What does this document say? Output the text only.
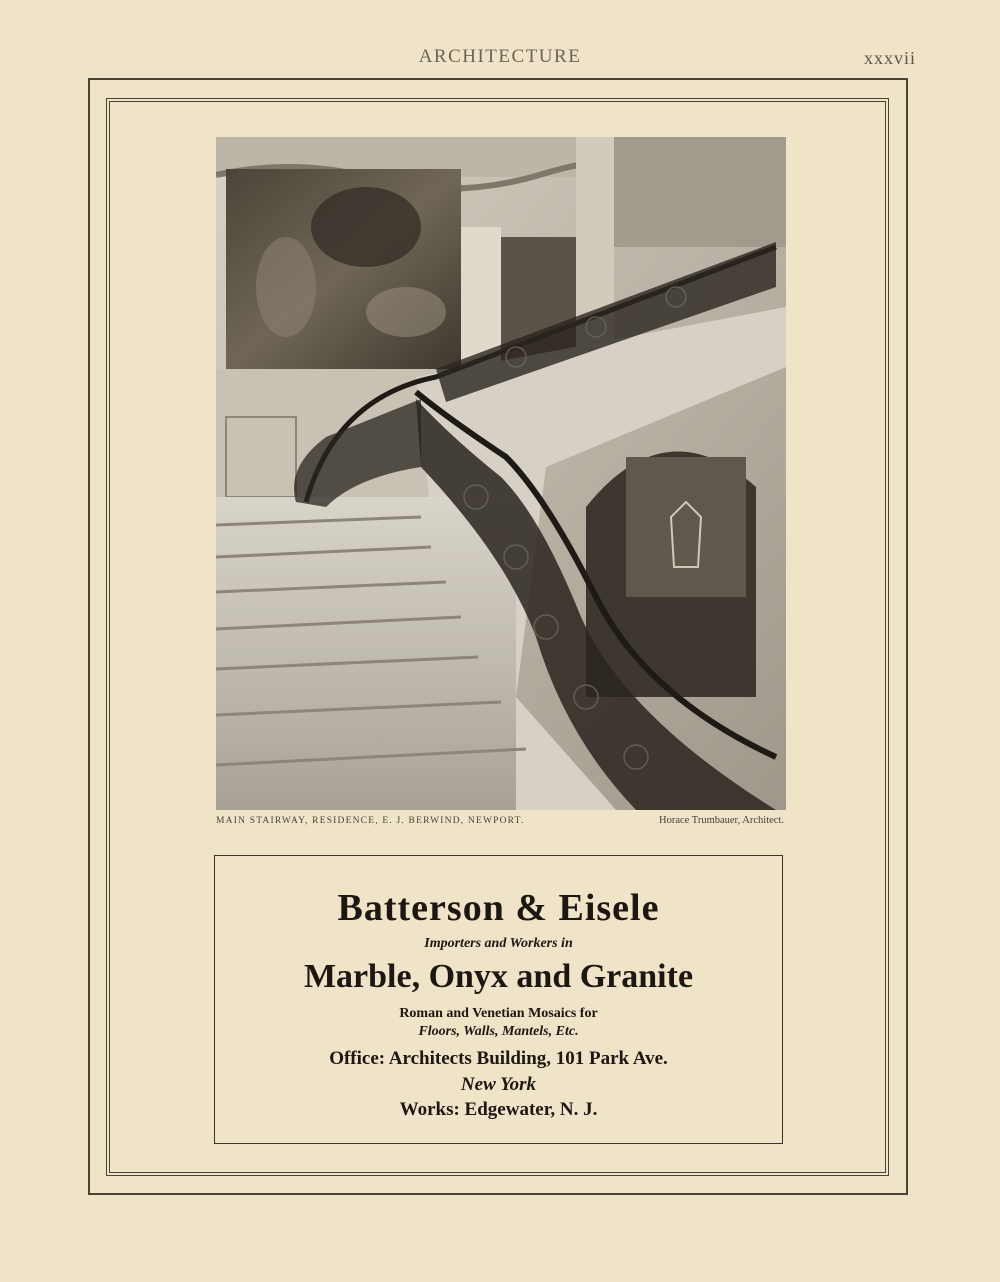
ARCHITECTURE	xxxvii
MAIN STAIRWAY, RESIDENCE, E. J. BERWIND, NEWPORT.	Horace Trumbauer, Architect.
Batterson & Eisele
Importers and Workers in
Marble, Onyx and Granite
Roman and Venetian Mosaics for
Floors, Walls, Mantels, Etc.
Office: Architects Building, 101 Park Ave.
New York
Works: Edgewater, N. J.
